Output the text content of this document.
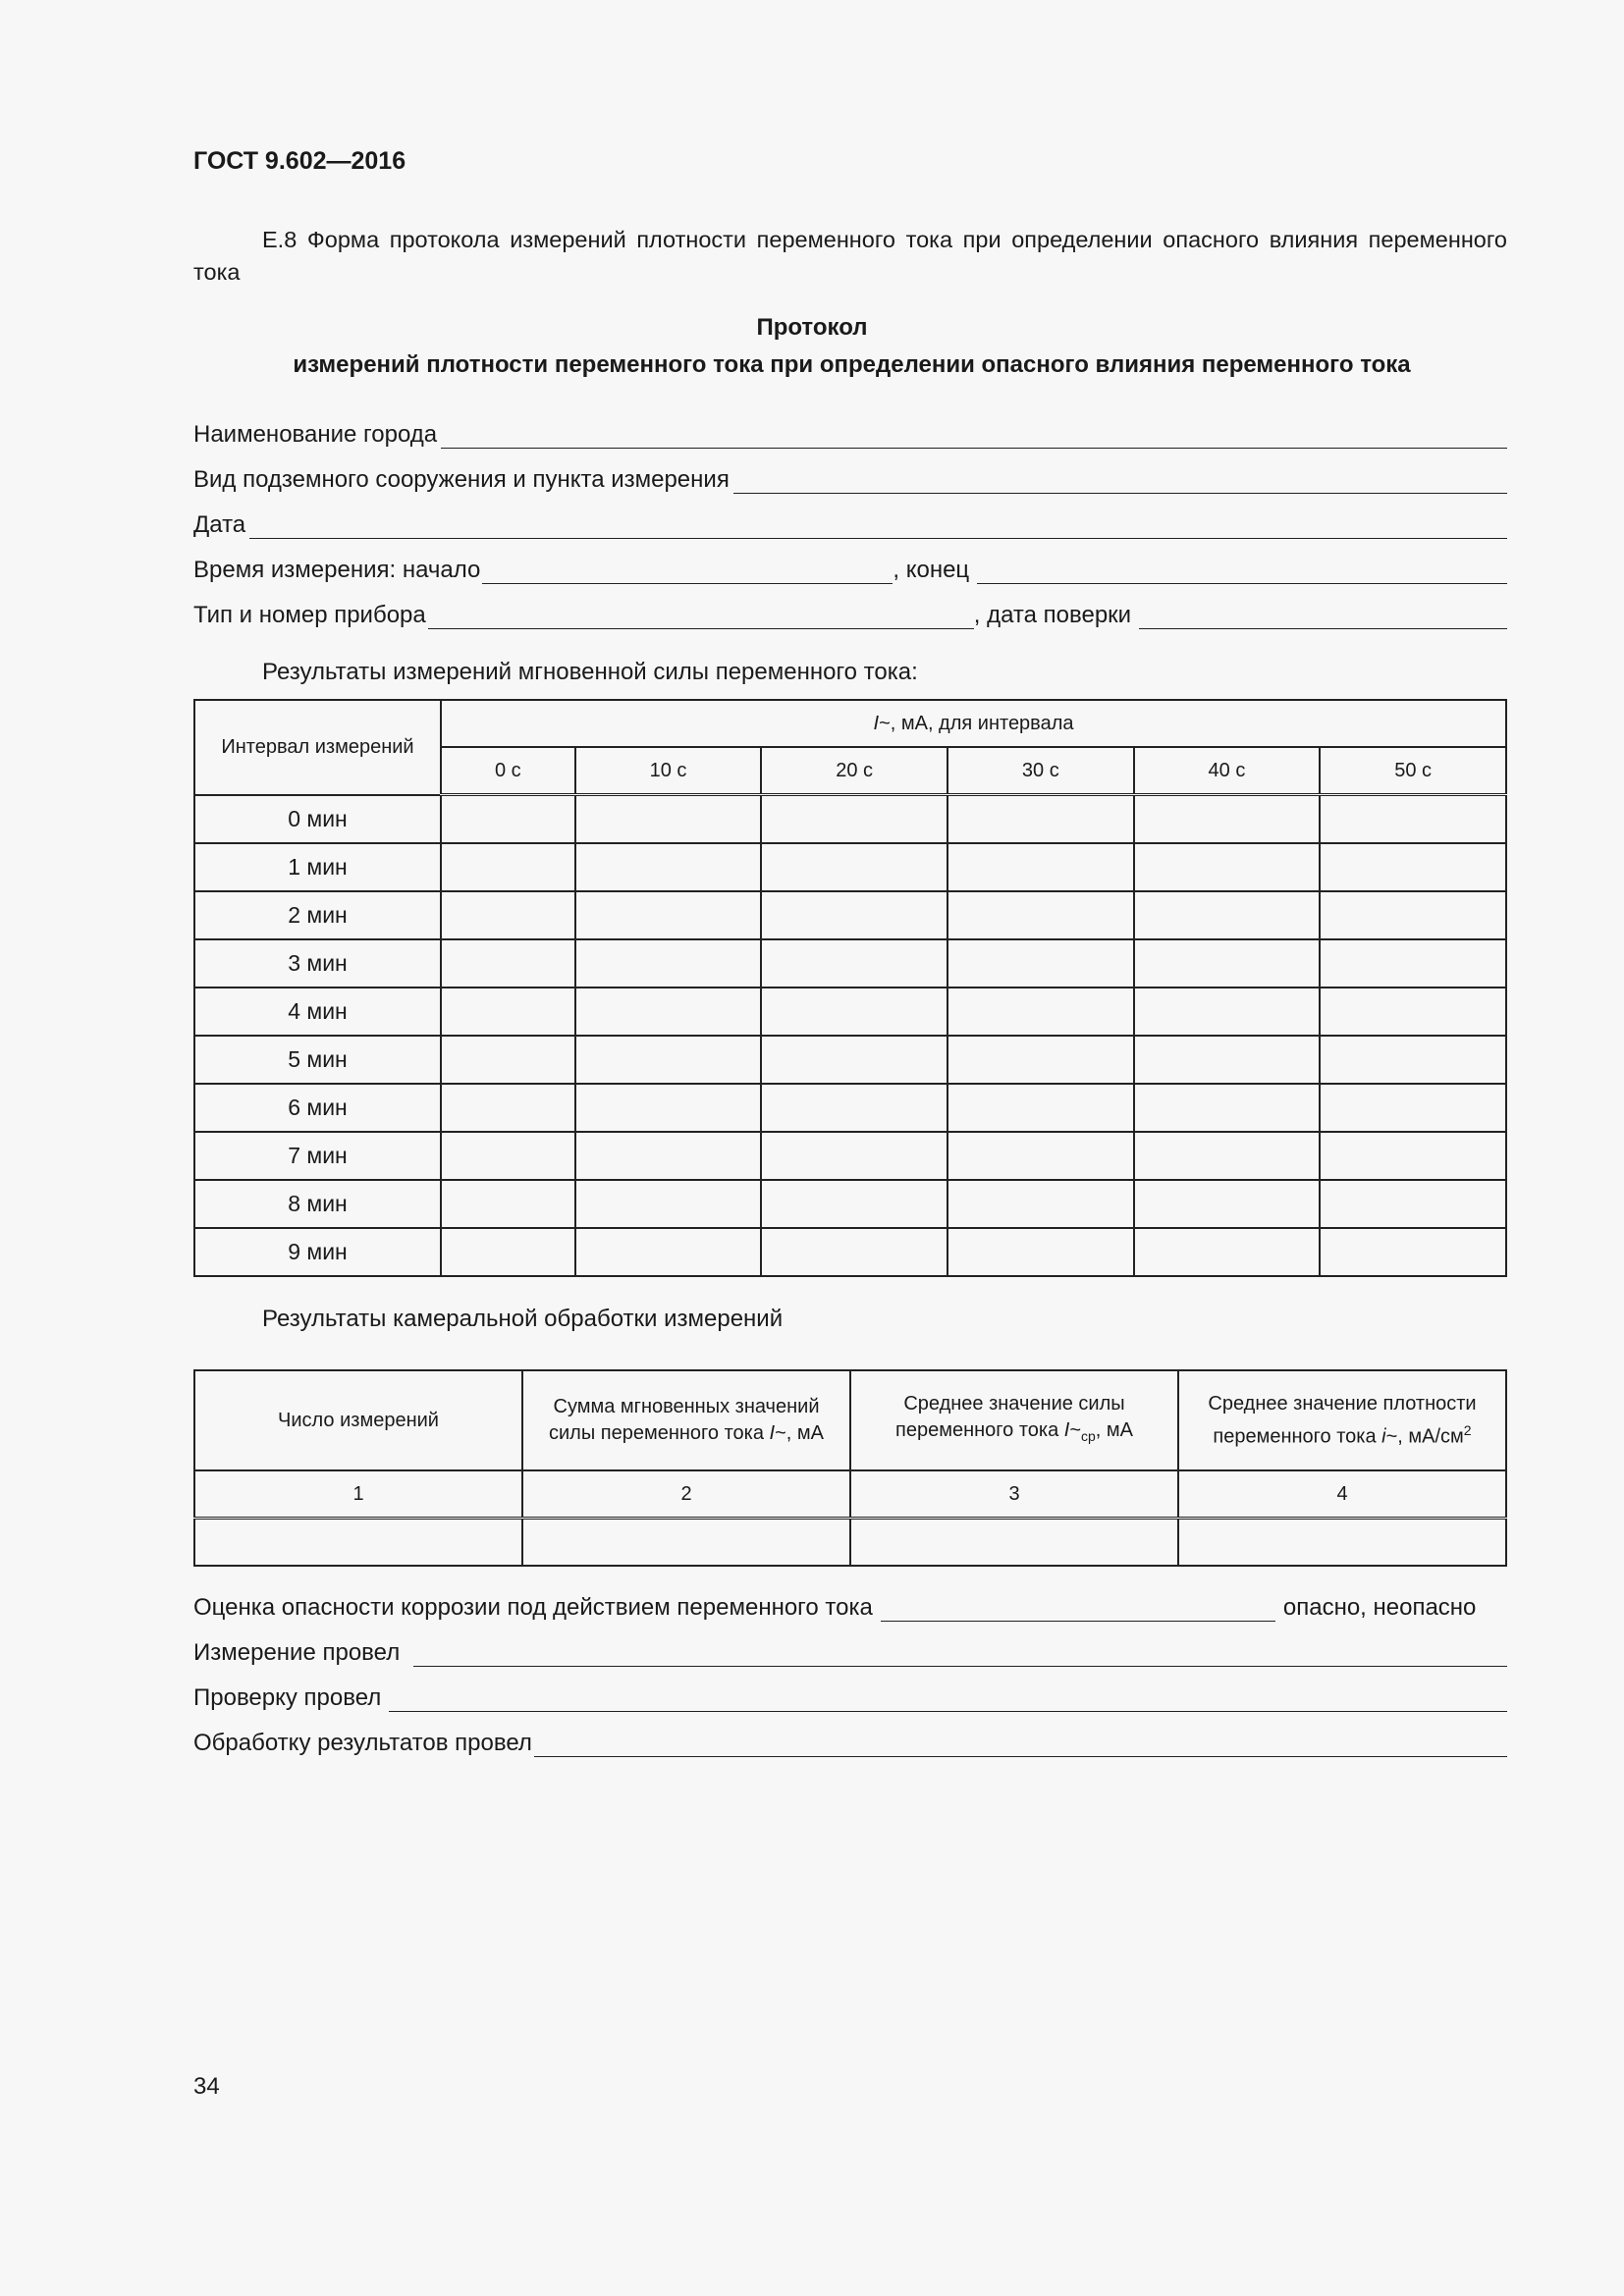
ГОСТ 9.602—2016
Е.8 Форма протокола измерений плотности переменного тока при определении опасного влияния переменного тока
Протокол
измерений плотности переменного тока при определении опасного влияния переменного тока
Наименование города
Вид подземного сооружения и пункта измерения
Дата
Время измерения: начало	, конец
Тип и номер прибора	, дата поверки
Результаты измерений мгновенной силы переменного тока:
Интервал измерений	I~, мА, для интервала					
	0 с	10 с	20 с	30 с	40 с	50 с
0 мин						
1 мин						
2 мин						
3 мин						
4 мин						
5 мин						
6 мин						
7 мин						
8 мин						
9 мин						
Результаты камеральной обработки измерений
Число измерений	Сумма мгновенных значений силы переменного тока I~, мА	Среднее значение силы переменного тока $I\sim_{ср}$, мА	Среднее значение плотности переменного тока i~, $мА/см^2$
1	2	3	4

Оценка опасности коррозии под действием переменного тока	опасно, неопасно
Измерение провел
Проверку провел
Обработку результатов провел
34
